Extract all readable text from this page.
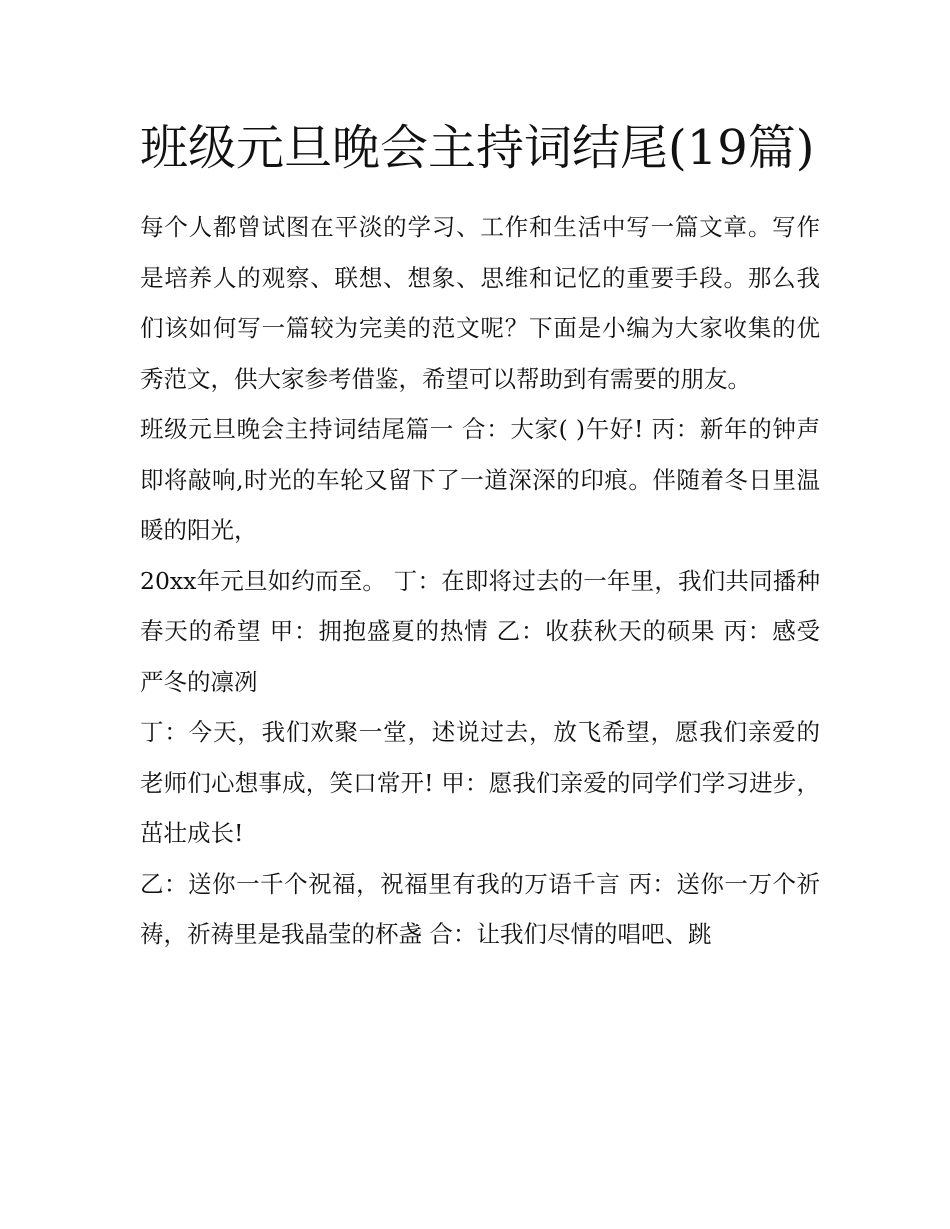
班级元旦晚会主持词结尾(19篇)

每个人都曾试图在平淡的学习、工作和生活中写一篇文章。写作是培养人的观察、联想、想象、思维和记忆的重要手段。那么我们该如何写一篇较为完美的范文呢？下面是小编为大家收集的优秀范文，供大家参考借鉴，希望可以帮助到有需要的朋友。

班级元旦晚会主持词结尾篇一 合：大家( )午好! 丙：新年的钟声即将敲响,时光的车轮又留下了一道深深的印痕。伴随着冬日里温暖的阳光，

20xx年元旦如约而至。 丁：在即将过去的一年里，我们共同播种春天的希望 甲：拥抱盛夏的热情 乙：收获秋天的硕果 丙：感受严冬的凛冽

丁：今天，我们欢聚一堂，述说过去，放飞希望，愿我们亲爱的老师们心想事成，笑口常开! 甲：愿我们亲爱的同学们学习进步，茁壮成长!

乙：送你一千个祝福，祝福里有我的万语千言 丙：送你一万个祈祷，祈祷里是我晶莹的杯盏 合：让我们尽情的唱吧、跳
